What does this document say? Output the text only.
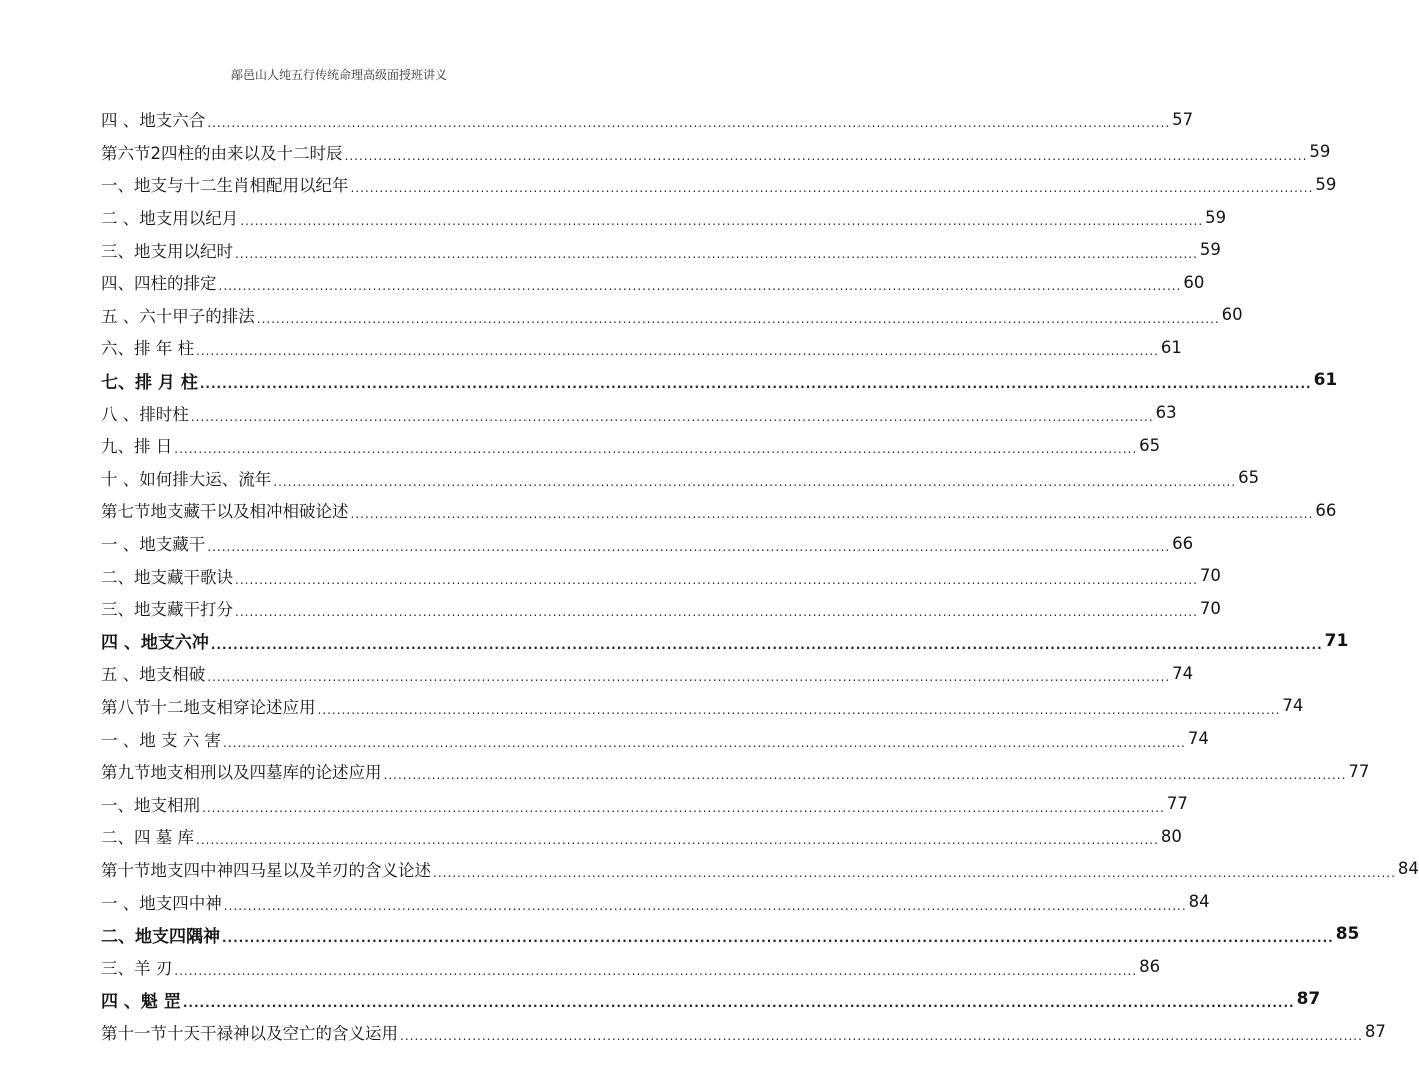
鄗邑山人纯五行传统命理高级面授班讲义
四 、地支六合 ........................................................................................................................................................................................................ 57
第六节2四柱的由来以及十二时辰 ........................................................................................................................................................................................................ 59
一、地支与十二生肖相配用以纪年 ........................................................................................................................................................................................................ 59
二 、地支用以纪月 ........................................................................................................................................................................................................ 59
三、地支用以纪时 ........................................................................................................................................................................................................ 59
四、四柱的排定 ........................................................................................................................................................................................................ 60
五 、六十甲子的排法 ........................................................................................................................................................................................................ 60
六、排 年 柱 ........................................................................................................................................................................................................ 61
七、排 月 柱 ........................................................................................................................................................................................................ 61
八 、排时柱 ........................................................................................................................................................................................................ 63
九、排 日 ........................................................................................................................................................................................................ 65
十 、如何排大运、流年 ........................................................................................................................................................................................................ 65
第七节地支藏干以及相冲相破论述 ........................................................................................................................................................................................................ 66
一 、地支藏干 ........................................................................................................................................................................................................ 66
二、地支藏干歌诀 ........................................................................................................................................................................................................ 70
三、地支藏干打分 ........................................................................................................................................................................................................ 70
四 、地支六冲 ........................................................................................................................................................................................................ 71
五 、地支相破 ........................................................................................................................................................................................................ 74
第八节十二地支相穿论述应用 ........................................................................................................................................................................................................ 74
一 、地 支 六 害 ........................................................................................................................................................................................................ 74
第九节地支相刑以及四墓库的论述应用 ........................................................................................................................................................................................................ 77
一、地支相刑 ........................................................................................................................................................................................................ 77
二、四 墓 库 ........................................................................................................................................................................................................ 80
第十节地支四中神四马星以及羊刃的含义论述 ........................................................................................................................................................................................................ 84
一 、地支四中神 ........................................................................................................................................................................................................ 84
二、地支四隅神 ........................................................................................................................................................................................................ 85
三、羊 刃 ........................................................................................................................................................................................................ 86
四 、魁 罡 ........................................................................................................................................................................................................ 87
第十一节十天干禄神以及空亡的含义运用 ........................................................................................................................................................................................................ 87
